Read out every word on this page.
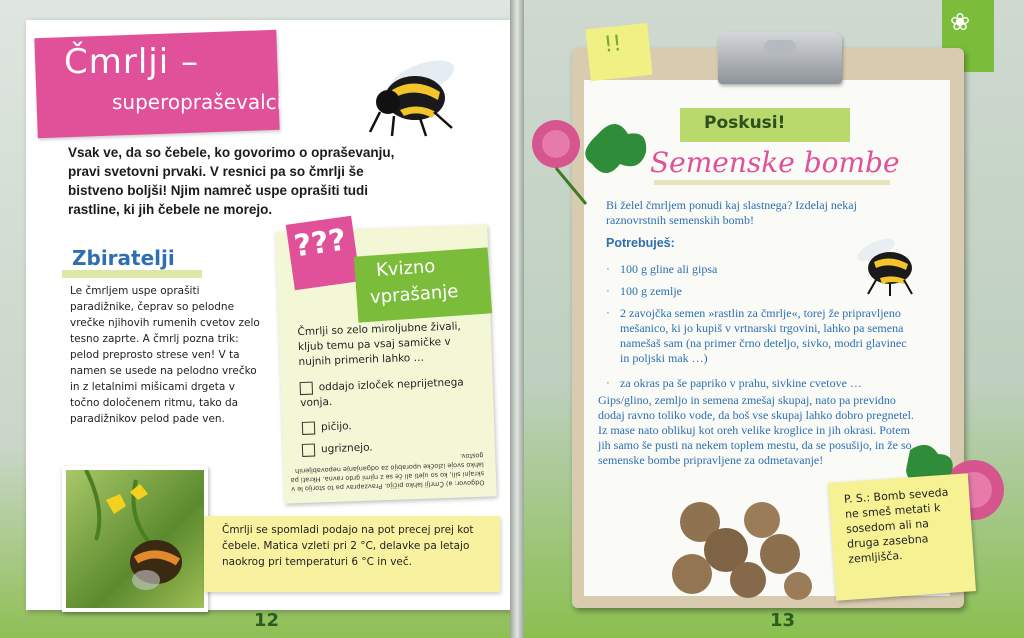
Čmrlji –
superopraševalci
Vsak ve, da so čebele, ko govorimo o opraševanju, pravi svetovni prvaki. V resnici pa so čmrlji še bistveno boljši! Njim namreč uspe oprašiti tudi rastline, ki jih čebele ne morejo.
Zbiratelji
Le čmrljem uspe oprašiti paradižnike, čeprav so pelodne vrečke njihovih rumenih cvetov zelo tesno zaprte. A čmrlj pozna trik: pelod preprosto strese ven! V ta namen se usede na pelodno vrečko in z letalnimi mišicami drgeta v točno določenem ritmu, tako da paradižnikov pelod pade ven.
???
Kvizno
vprašanje
Čmrlji so zelo miroljubne živali, kljub temu pa vsaj samičke v nujnih primerih lahko …
oddajo izloček neprijetnega vonja.
pičijo.
ugriznejo.
Odgovor: a) Čmrlji lahko pičijo. Pravzaprav pa to storijo le v skrajni sili, ko so ujeti ali če se z njimi grdo ravna. Hkrati pa lahko svoje izločke uporabijo za odganjanje nepovabljenih gostov.
Čmrlji se spomladi podajo na pot precej prej kot čebele. Matica vzleti pri 2 °C, delavke pa letajo naokrog pri temperaturi 6 °C in več.
12
❀
!!
Poskusi!
Semenske bombe
Bi želel čmrljem ponudi kaj slastnega? Izdelaj nekaj raznovrstnih semenskih bomb!
Potrebuješ:
· 100 g gline ali gipsa
· 100 g zemlje
· 2 zavojčka semen »rastlin za čmrlje«, torej že pripravljeno mešanico, ki jo kupiš v vrtnarski trgovini, lahko pa semena namešaš sam (na primer črno deteljo, sivko, modri glavinec in poljski mak …)
· za okras pa še papriko v prahu, sivkine cvetove …
Gips/glino, zemljo in semena zmešaj skupaj, nato pa previdno dodaj ravno toliko vode, da boš vse skupaj lahko dobro pregnetel. Iz mase nato oblikuj kot oreh velike kroglice in jih okrasi. Potem jih samo še pusti na nekem toplem mestu, da se posušijo, in že so semenske bombe pripravljene za odmetavanje!
P. S.: Bomb seveda ne smeš metati k sosedom ali na druga zasebna zemljišča.
13
